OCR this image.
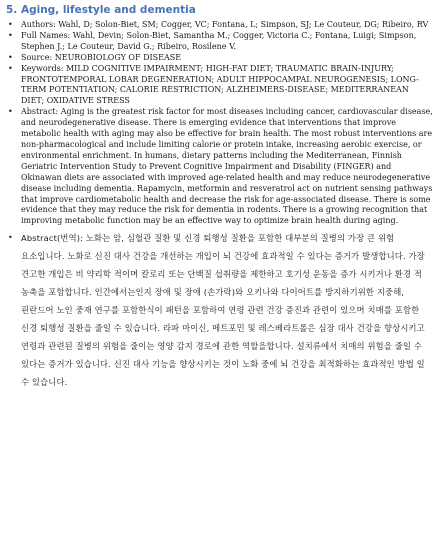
5. Aging, lifestyle and dementia
• Authors: Wahl, D; Solon-Biet, SM; Cogger, VC; Fontana, L; Simpson, SJ; Le Couteur, DG; Ribeiro, RV
• Full Names: Wahl, Devin; Solon-Biet, Samantha M.; Cogger, Victoria C.; Fontana, Luigi; Simpson, Stephen J.; Le Couteur, David G.; Ribeiro, Rosilene V.
• Source: NEUROBIOLOGY OF DISEASE
• Keywords: MILD COGNITIVE IMPAIRMENT; HIGH-FAT DIET; TRAUMATIC BRAIN-INJURY; FRONTOTEMPORAL LOBAR DEGENERATION; ADULT HIPPOCAMPAL NEUROGENESIS; LONG-TERM POTENTIATION; CALORIE RESTRICTION; ALZHEIMERS-DISEASE; MEDITERRANEAN DIET; OXIDATIVE STRESS
• Abstract: Aging is the greatest risk factor for most diseases including cancer, cardiovascular disease, and neurodegenerative disease. There is emerging evidence that interventions that improve metabolic health with aging may also be effective for brain health. The most robust interventions are non-pharmacological and include limiting calorie or protein intake, increasing aerobic exercise, or environmental enrichment. In humans, dietary patterns including the Mediterranean, Finnish Geriatric Intervention Study to Prevent Cognitive Impairment and Disability (FINGER) and Okinawan diets are associated with improved age-related health and may reduce neurodegenerative disease including dementia. Rapamycin, metformin and resveratrol act on nutrient sensing pathways that improve cardiometabolic health and decrease the risk for age-associated disease. There is some evidence that they may reduce the risk for dementia in rodents. There is a growing recognition that improving metabolic function may be an effective way to optimize brain health during aging.
• Abstract(번역): 노화는 암, 심혈관 질환 및 신경 퇴행성 질환을 포함한 대부분의 질병의 가장 큰 위험 요소입니다. 노화로 신진 대사 건강을 개선하는 개입이 뇌 건강에 효과적일 수 있다는 증거가 발생합니다. 가장 견고한 개입은 비 약리학 적이며 칼로리 또는 단백질 섭취량을 제한하고 호기성 운동을 증가 시키거나 환경 적 농축을 포함합니다. 인간에서는인지 장애 및 장애 (손가락)와 오키나와 다이어트를 방지하기위한 지중해, 핀란드어 노인 중재 연구를 포함한식이 패턴을 포함하여 연령 관련 건강 증진과 관련이 있으며 치매를 포함한 신경 퇴행성 질환을 줄일 수 있습니다. 라파 마이신, 메트포민 및 레스베라트롤은 심장 대사 건강을 향상시키고 연령과 관련된 질병의 위험을 줄이는 영양 감지 경로에 관한 역할을합니다. 설치류에서 치매의 위험을 줄일 수 있다는 증거가 있습니다. 신진 대사 기능을 향상시키는 것이 노화 중에 뇌 건강을 최적화하는 효과적인 방법 일 수 있습니다.
